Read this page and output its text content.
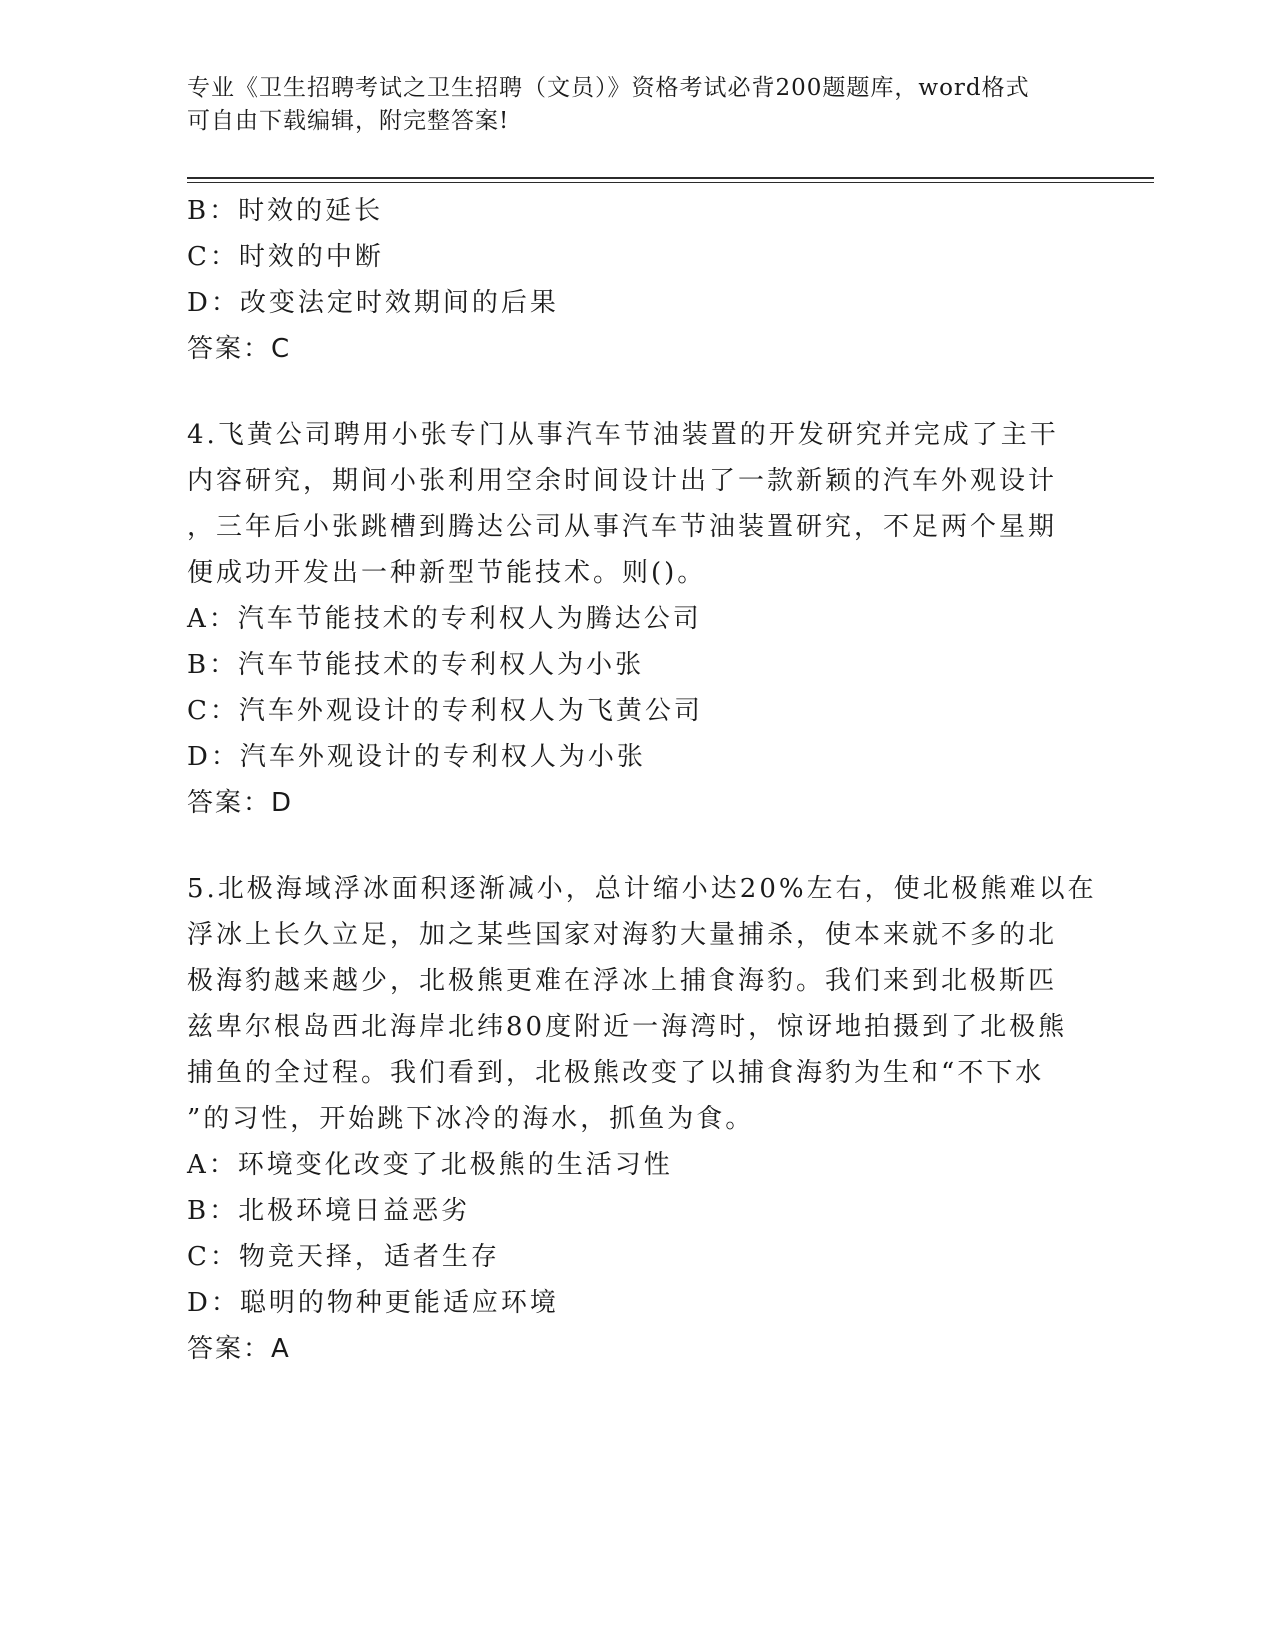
专业《卫生招聘考试之卫生招聘（文员）》资格考试必背200题题库，word格式
可自由下载编辑，附完整答案!
B：时效的延长
C：时效的中断
D：改变法定时效期间的后果
答案：C
4.飞黄公司聘用小张专门从事汽车节油装置的开发研究并完成了主干
内容研究，期间小张利用空余时间设计出了一款新颖的汽车外观设计
，三年后小张跳槽到腾达公司从事汽车节油装置研究，不足两个星期
便成功开发出一种新型节能技术。则()。
A：汽车节能技术的专利权人为腾达公司
B：汽车节能技术的专利权人为小张
C：汽车外观设计的专利权人为飞黄公司
D：汽车外观设计的专利权人为小张
答案：D
5.北极海域浮冰面积逐渐减小，总计缩小达20%左右，使北极熊难以在
浮冰上长久立足，加之某些国家对海豹大量捕杀，使本来就不多的北
极海豹越来越少，北极熊更难在浮冰上捕食海豹。我们来到北极斯匹
兹卑尔根岛西北海岸北纬80度附近一海湾时，惊讶地拍摄到了北极熊
捕鱼的全过程。我们看到，北极熊改变了以捕食海豹为生和“不下水
”的习性，开始跳下冰冷的海水，抓鱼为食。
A：环境变化改变了北极熊的生活习性
B：北极环境日益恶劣
C：物竞天择，适者生存
D：聪明的物种更能适应环境
答案：A
